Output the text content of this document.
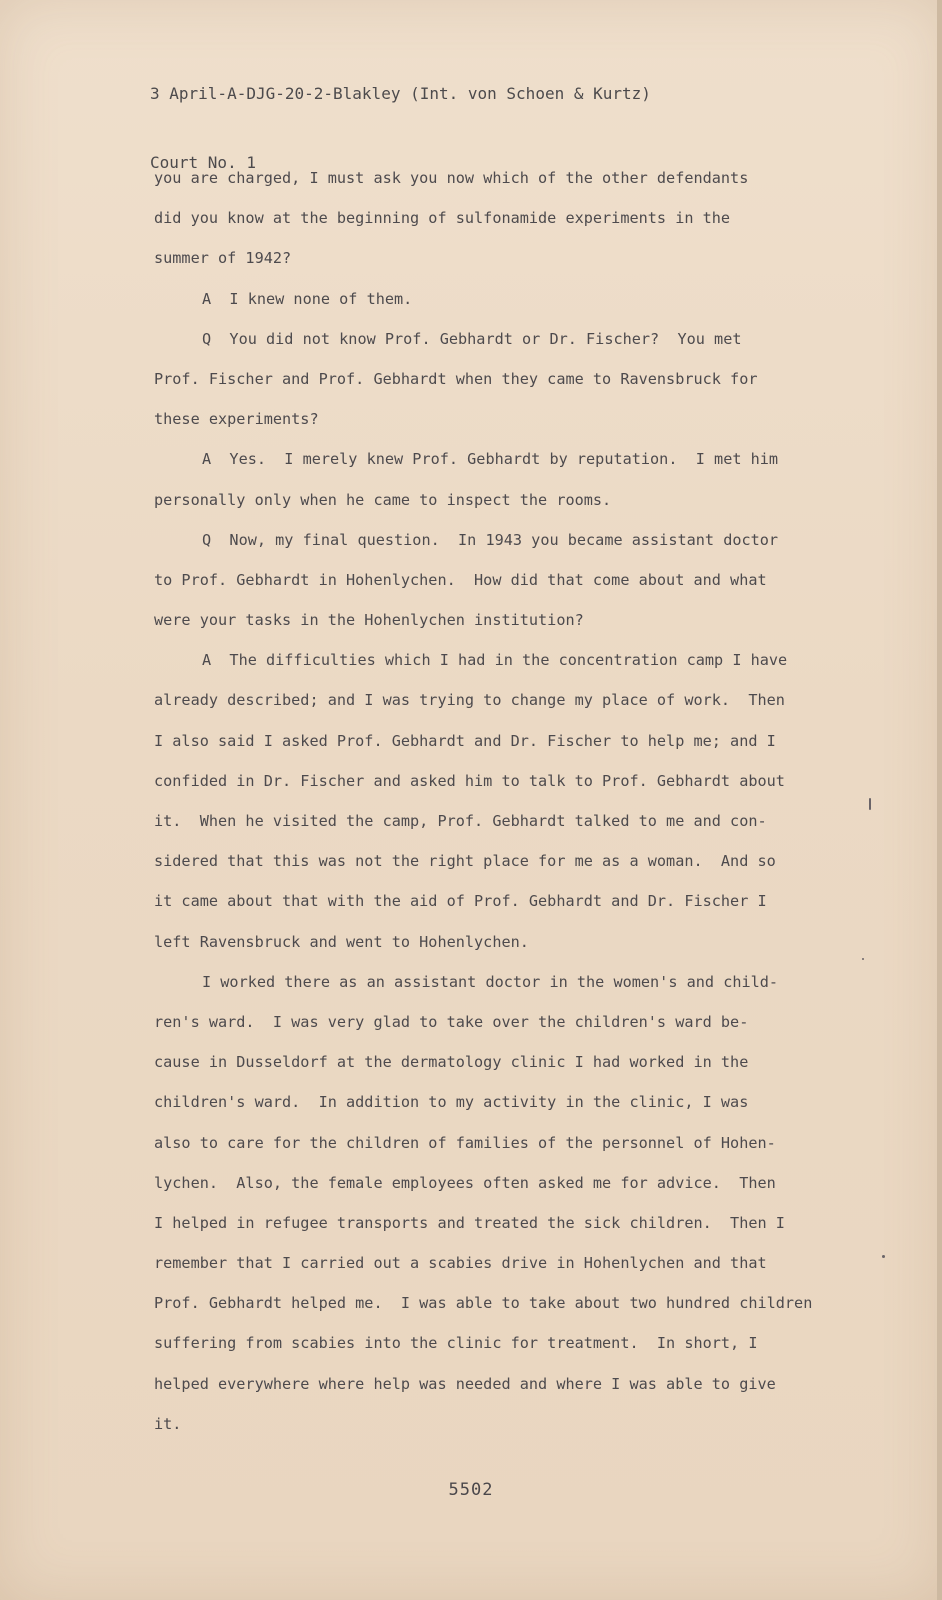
3 April-A-DJG-20-2-Blakley (Int. von Schoen & Kurtz)

Court No. 1

you are charged, I must ask you now which of the other defendants
did you know at the beginning of sulfonamide experiments in the
summer of 1942?
A  I knew none of them.
Q  You did not know Prof. Gebhardt or Dr. Fischer?  You met
Prof. Fischer and Prof. Gebhardt when they came to Ravensbruck for
these experiments?
A  Yes.  I merely knew Prof. Gebhardt by reputation.  I met him
personally only when he came to inspect the rooms.
Q  Now, my final question.  In 1943 you became assistant doctor
to Prof. Gebhardt in Hohenlychen.  How did that come about and what
were your tasks in the Hohenlychen institution?
A  The difficulties which I had in the concentration camp I have
already described; and I was trying to change my place of work.  Then
I also said I asked Prof. Gebhardt and Dr. Fischer to help me; and I
confided in Dr. Fischer and asked him to talk to Prof. Gebhardt about
it.  When he visited the camp, Prof. Gebhardt talked to me and con-
sidered that this was not the right place for me as a woman.  And so
it came about that with the aid of Prof. Gebhardt and Dr. Fischer I
left Ravensbruck and went to Hohenlychen.
I worked there as an assistant doctor in the women's and child-
ren's ward.  I was very glad to take over the children's ward be-
cause in Dusseldorf at the dermatology clinic I had worked in the
children's ward.  In addition to my activity in the clinic, I was
also to care for the children of families of the personnel of Hohen-
lychen.  Also, the female employees often asked me for advice.  Then
I helped in refugee transports and treated the sick children.  Then I
remember that I carried out a scabies drive in Hohenlychen and that
Prof. Gebhardt helped me.  I was able to take about two hundred children
suffering from scabies into the clinic for treatment.  In short, I
helped everywhere where help was needed and where I was able to give
it.
5502
